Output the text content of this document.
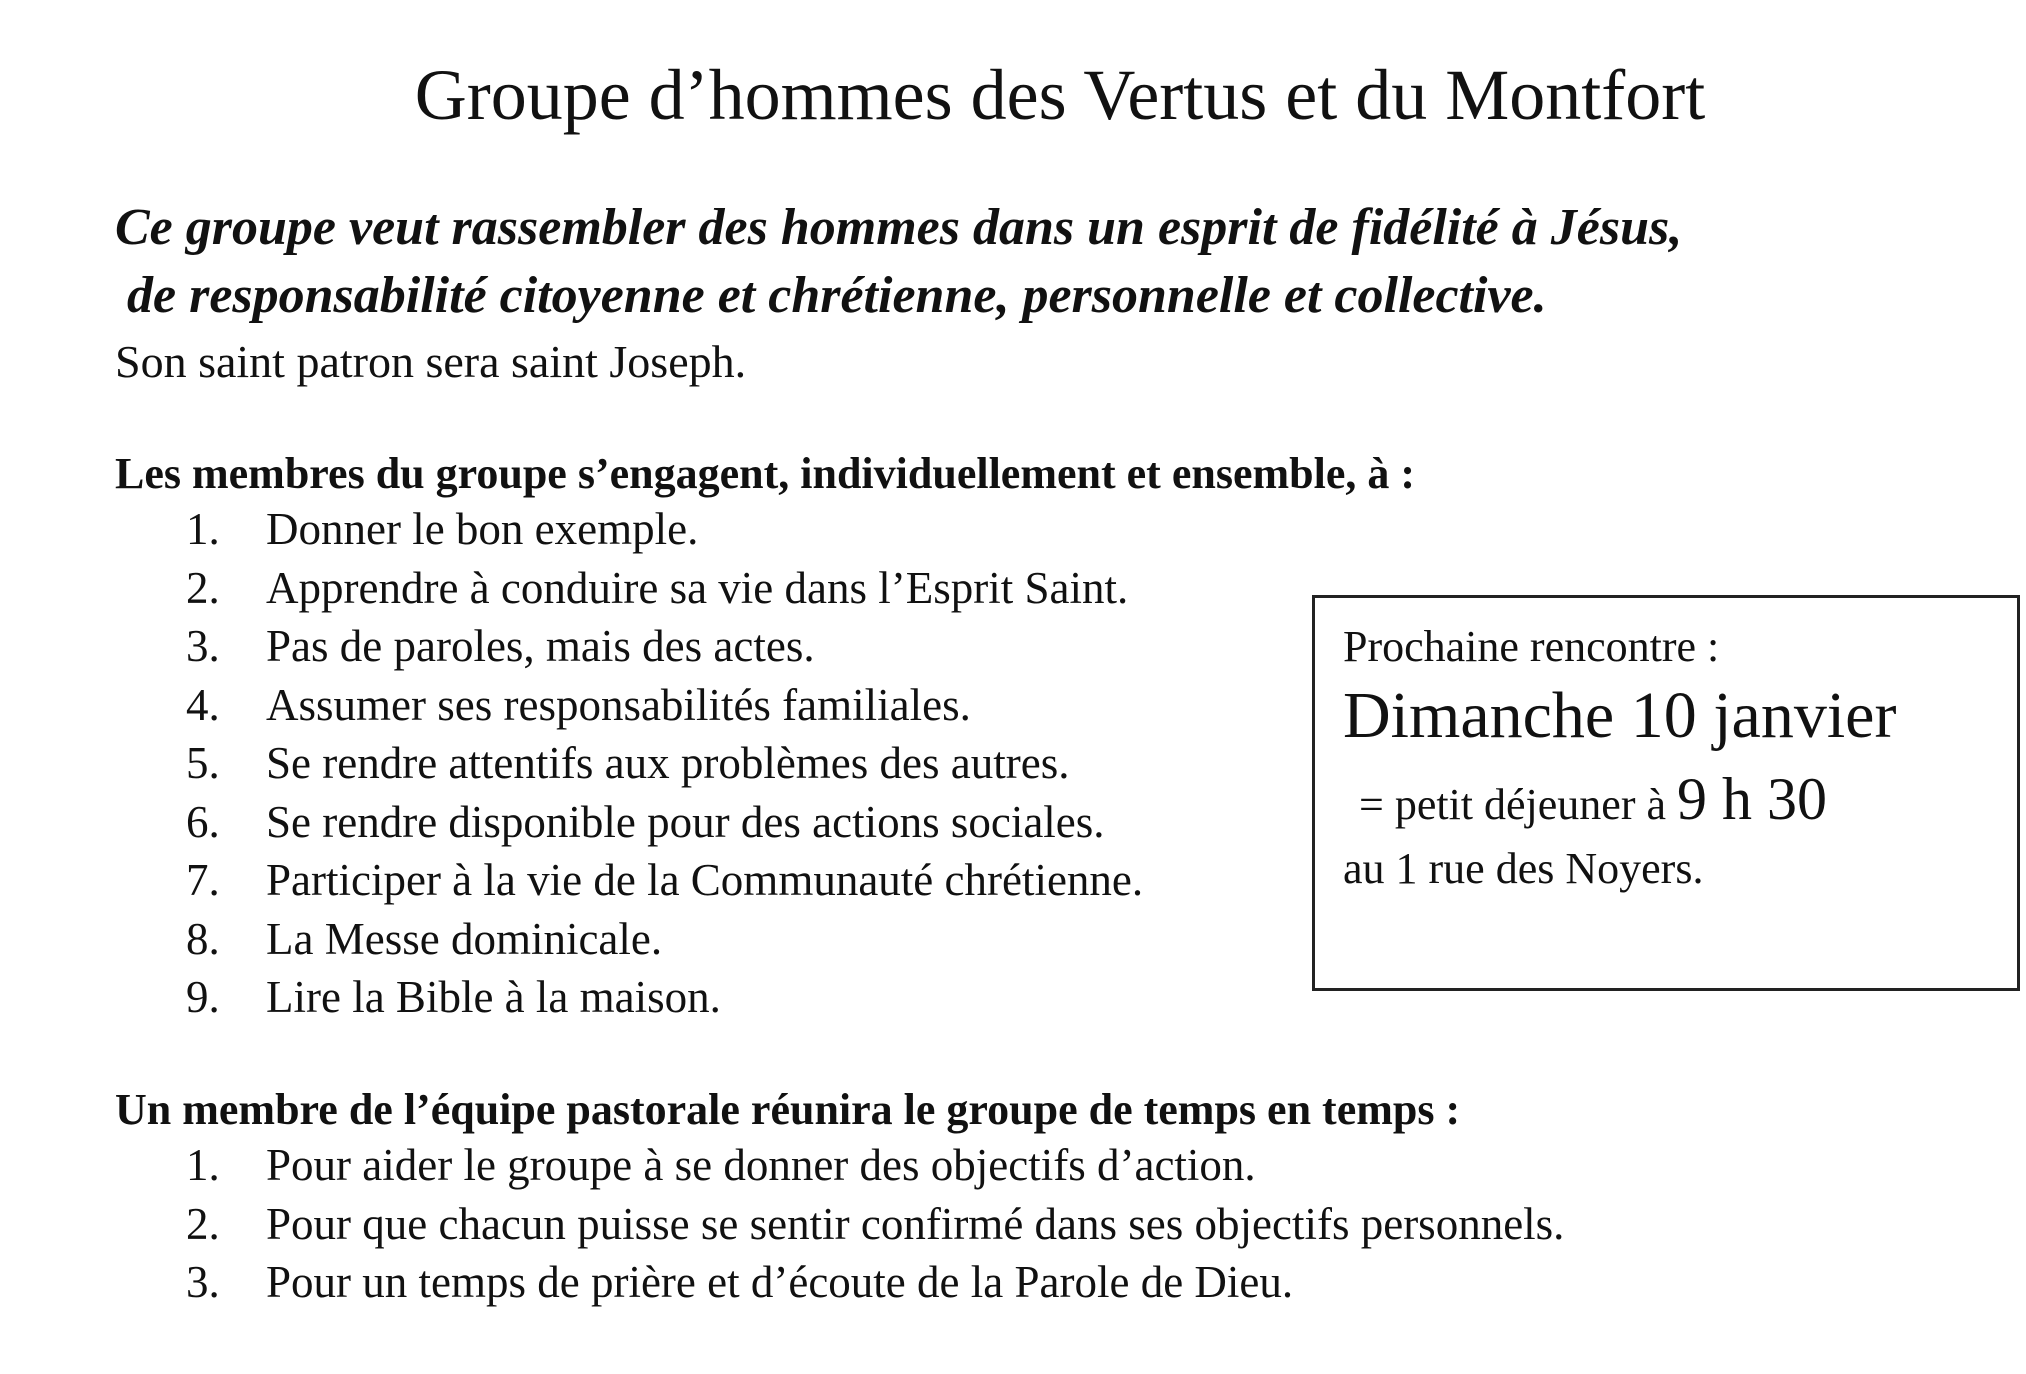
Groupe d’hommes des Vertus et du Montfort

Ce groupe veut rassembler des hommes dans un esprit de fidélité à Jésus,
de responsabilité citoyenne et chrétienne, personnelle et collective.

Son saint patron sera saint Joseph.

Les membres du groupe s’engagent, individuellement et ensemble, à :

1.	Donner le bon exemple.
2.	Apprendre à conduire sa vie dans l’Esprit Saint.
3.	Pas de paroles, mais des actes.
4.	Assumer ses responsabilités familiales.
5.	Se rendre attentifs aux problèmes des autres.
6.	Se rendre disponible pour des actions sociales.
7.	Participer à la vie de la Communauté chrétienne.
8.	La Messe dominicale.
9.	Lire la Bible à la maison.

Prochaine rencontre :

Dimanche 10 janvier

= petit déjeuner à 9 h 30

au 1 rue des Noyers.

Un membre de l’équipe pastorale réunira le groupe de temps en temps :

1.	Pour aider le groupe à se donner des objectifs d’action.
2.	Pour que chacun puisse se sentir confirmé dans ses objectifs personnels.
3.	Pour un temps de prière et d’écoute de la Parole de Dieu.
